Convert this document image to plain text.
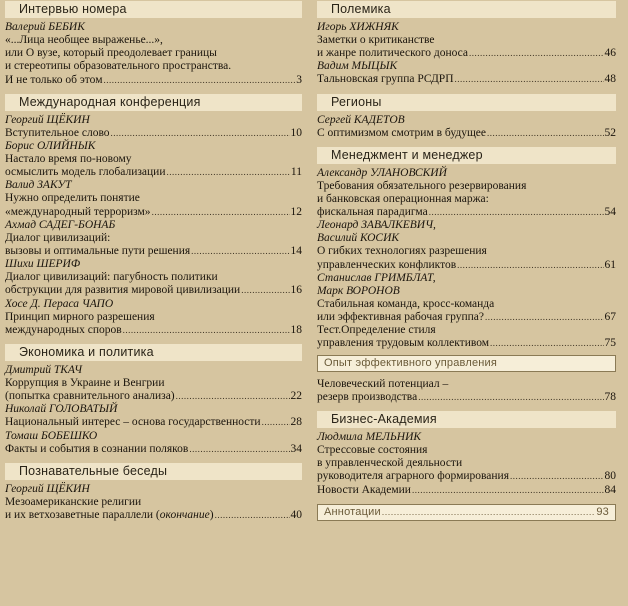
Интервью номера
Валерий БЕБИК
«...Лица необщее выраженье...»,
или О вузе, который преодолевает границы
и стереотипы образовательного пространства.
И не только об этом .....	3
Международная конференция
Георгий ЩЁКИН
Вступительное слово .....	10
Борис ОЛИЙНЫК
Настало время по-новому
осмыслить модель глобализации .....	11
Валид ЗАКУТ
Нужно определить понятие
«международный терроризм» .....	12
Ахмад САДЕГ-БОНАБ
Диалог цивилизаций:
вызовы и оптимальные пути решения .....	14
Шихи ШЕРИФ
Диалог цивилизаций: пагубность политики
обструкции для развития мировой цивилизации .....	16
Хосе Д. Пераса ЧАПО
Принцип мирного разрешения
международных споров .....	18
Экономика и политика
Дмитрий ТКАЧ
Коррупция в Украине и Венгрии
(попытка сравнительного анализа) .....	22
Николай ГОЛОВАТЫЙ
Национальный интерес – основа государственности .....	28
Томаш БОБЕШКО
Факты и события в сознании поляков .....	34
Познавательные беседы
Георгий ЩЁКИН
Мезоамериканские религии
и их ветхозаветные параллели (окончание) .....	40
Полемика
Игорь ХИЖНЯК
Заметки о критиканстве
и жанре политического доноса .....	46
Вадим МЫЦЫК
Тальновская группа РСДРП .....	48
Регионы
Сергей КАДЕТОВ
С оптимизмом смотрим в будущее .....	52
Менеджмент и менеджер
Александр УЛАНОВСКИЙ
Требования обязательного резервирования
и банковская операционная маржа:
фискальная парадигма .....	54
Леонард ЗАВАЛКЕВИЧ,
Василий КОСИК
О гибких технологиях разрешения
управленческих конфликтов .....	61
Станислав ГРИМБЛАТ,
Марк ВОРОНОВ
Стабильная команда, кросс-команда
или эффективная рабочая группа? .....	67
Тест.Определение стиля
управления трудовым коллективом .....	75
Опыт эффективного управления
Человеческий потенциал –
резерв производства .....	78
Бизнес-Академия
Людмила МЕЛЬНИК
Стрессовые состояния
в управленческой деяльности
руководителя аграрного формирования .....	80
Новости Академии .....	84
Аннотации .....	93
